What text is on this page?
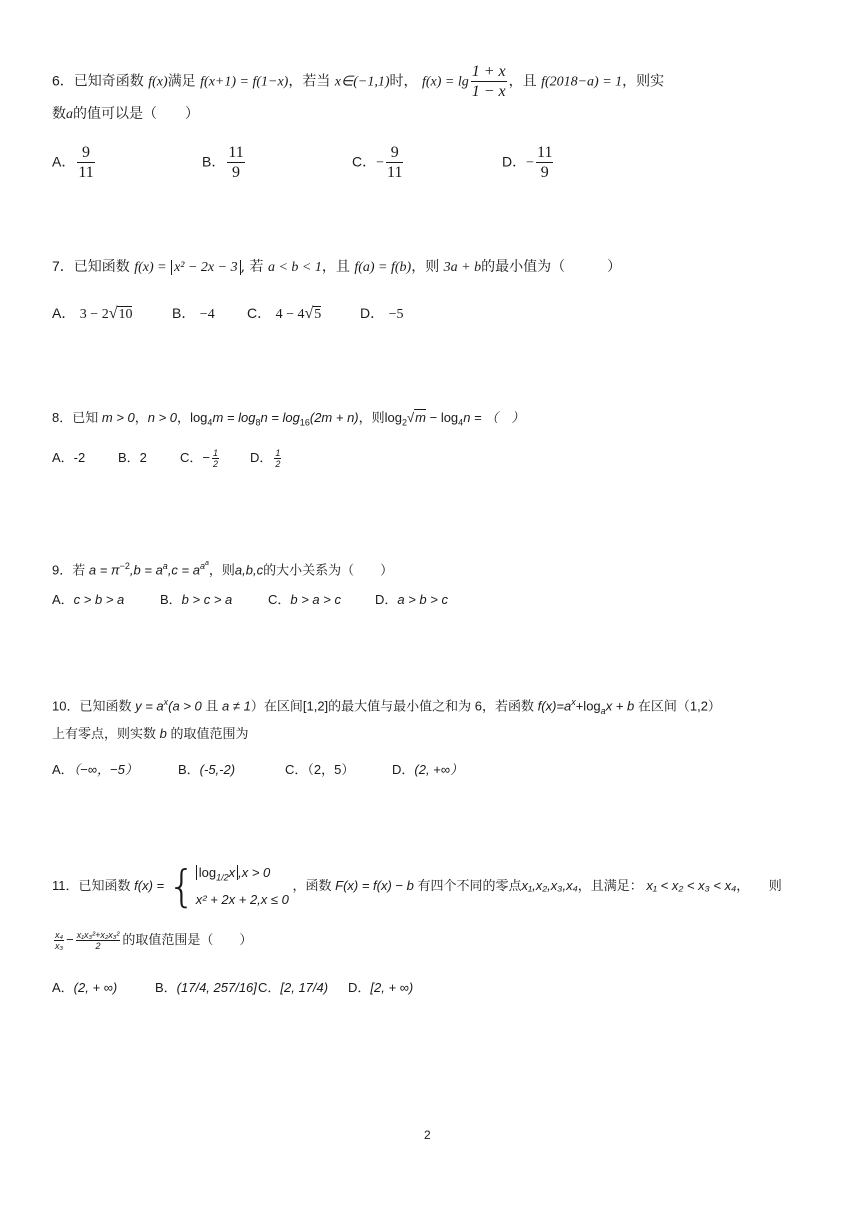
6．已知奇函数 f(x)满足 f(x+1) = f(1−x)，若当 x∈(−1,1)时， $f(x) = \lg \frac{1 + x}{1 - x}$ ，且 f(2018−a) = 1，则实
数a的值可以是（　　）
A． $\frac{9}{11}$	B． $\frac{11}{9}$	C．− $\frac{9}{11}$	D．− $\frac{11}{9}$
7．已知函数 f(x) = x² − 2x − 3 , 若 a < b < 1，且 f(a) = f(b)，则 3a + b的最小值为（　　　）
A． 3 − 2√10	B． −4 C． 4 − 4√5	D． −5
8．已知 m > 0，n > 0，$\log_4m = \log_8n = \log_{16}(2m + n)$，则$\log_2√m - \log_4n$ = （　）
A．-2	B．2	C．− $\frac{1}{2}$ D． $\frac{1}{2}$
9．若 $a = \pi^{-2},b = a^a,c = a^{a^a}$，则a,b,c的大小关系为（　　）
A．c > b > a	B．b > c > a	C．b > a > c	D．a > b > c
10．已知函数 $y = a^x(a > 0$ 且 a ≠ 1）在区间[1,2]的最大值与最小值之和为 6，若函数 $f(x)=a^x+\log_ax + b$ 在区间（1,2）
上有零点，则实数 b 的取值范围为
A．（−∞，−5）	B．(-5,-2)	C．（2，5）	D．(2, +∞）
11．已知函数 f(x) = { $\log_{1/2}x$ ,x > 0
x² + 2x + 2,x ≤ 0
，函数 F(x) = f(x) − b 有四个不同的零点x₁,x₂,x₃,x₄，且满足： x₁ < x₂ < x₃ < x₄，　　则
$\frac{\text{x₄}}{\text{x₃}} - \frac{\text{x₁x₃²+x₂x₃²}}{2}$ 的取值范围是（　　）
A．(2, + ∞)	B．(17/4, 257/16] C．[2, 17/4) D．[2, + ∞)
2
